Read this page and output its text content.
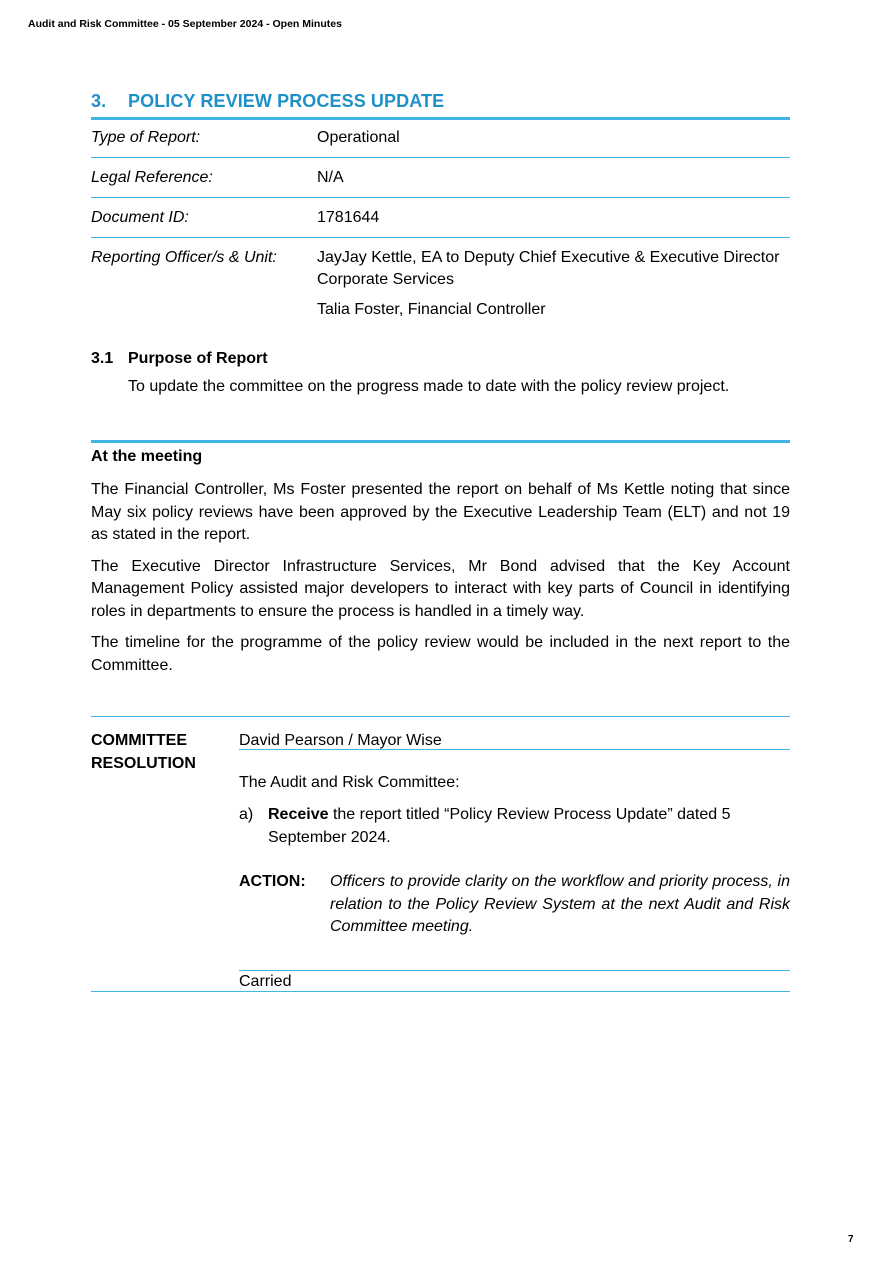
Audit and Risk Committee - 05 September 2024 - Open Minutes
3. POLICY REVIEW PROCESS UPDATE
Type of Report:	Operational
Legal Reference:	N/A
Document ID:	1781644
Reporting Officer/s & Unit:	JayJay Kettle, EA to Deputy Chief Executive & Executive Director Corporate Services

Talia Foster, Financial Controller

3.1 Purpose of Report
To update the committee on the progress made to date with the policy review project.
At the meeting

The Financial Controller, Ms Foster presented the report on behalf of Ms Kettle noting that since May six policy reviews have been approved by the Executive Leadership Team (ELT) and not 19 as stated in the report.

The Executive Director Infrastructure Services, Mr Bond advised that the Key Account Management Policy assisted major developers to interact with key parts of Council in identifying roles in departments to ensure the process is handled in a timely way.

The timeline for the programme of the policy review would be included in the next report to the Committee.

COMMITTEE
RESOLUTION
David Pearson / Mayor Wise
The Audit and Risk Committee:
a) Receive the report titled “Policy Review Process Update” dated 5 September 2024.
ACTION:	Officers to provide clarity on the workflow and priority process, in relation to the Policy Review System at the next Audit and Risk Committee meeting.
Carried
7
